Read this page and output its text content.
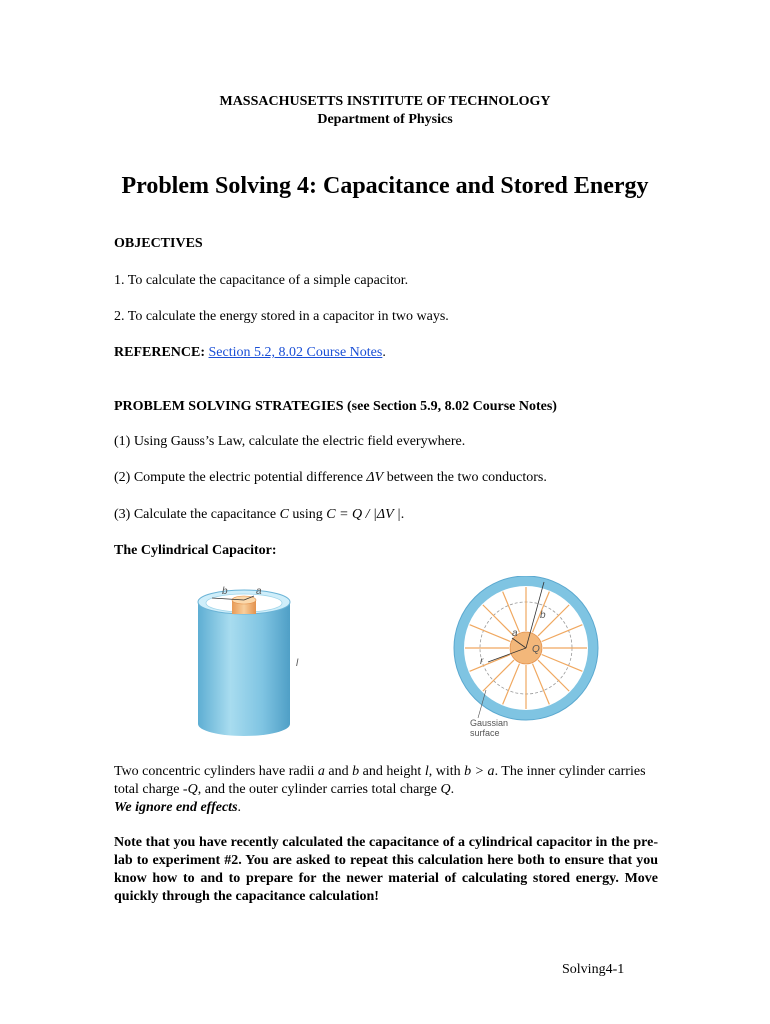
MASSACHUSETTS INSTITUTE OF TECHNOLOGY
Department of Physics
Problem Solving 4: Capacitance and Stored Energy
OBJECTIVES
1. To calculate the capacitance of a simple capacitor.
2. To calculate the energy stored in a capacitor in two ways.
REFERENCE: Section 5.2, 8.02 Course Notes.
PROBLEM SOLVING STRATEGIES (see Section 5.9, 8.02 Course Notes)
(1) Using Gauss’s Law, calculate the electric field everywhere.
(2) Compute the electric potential difference ΔV between the two conductors.
(3) Calculate the capacitance C using C = Q / |ΔV |.
The Cylindrical Capacitor:
b	a
l
b
a
Q
r
Gaussian surface
Two concentric cylinders have radii a and b and height l, with b > a. The inner cylinder carries total charge -Q, and the outer cylinder carries total charge Q.
We ignore end effects.
Note that you have recently calculated the capacitance of a cylindrical capacitor in the pre-lab to experiment #2. You are asked to repeat this calculation here both to ensure that you know how to and to prepare for the newer material of calculating stored energy. Move quickly through the capacitance calculation!
Solving4-1
